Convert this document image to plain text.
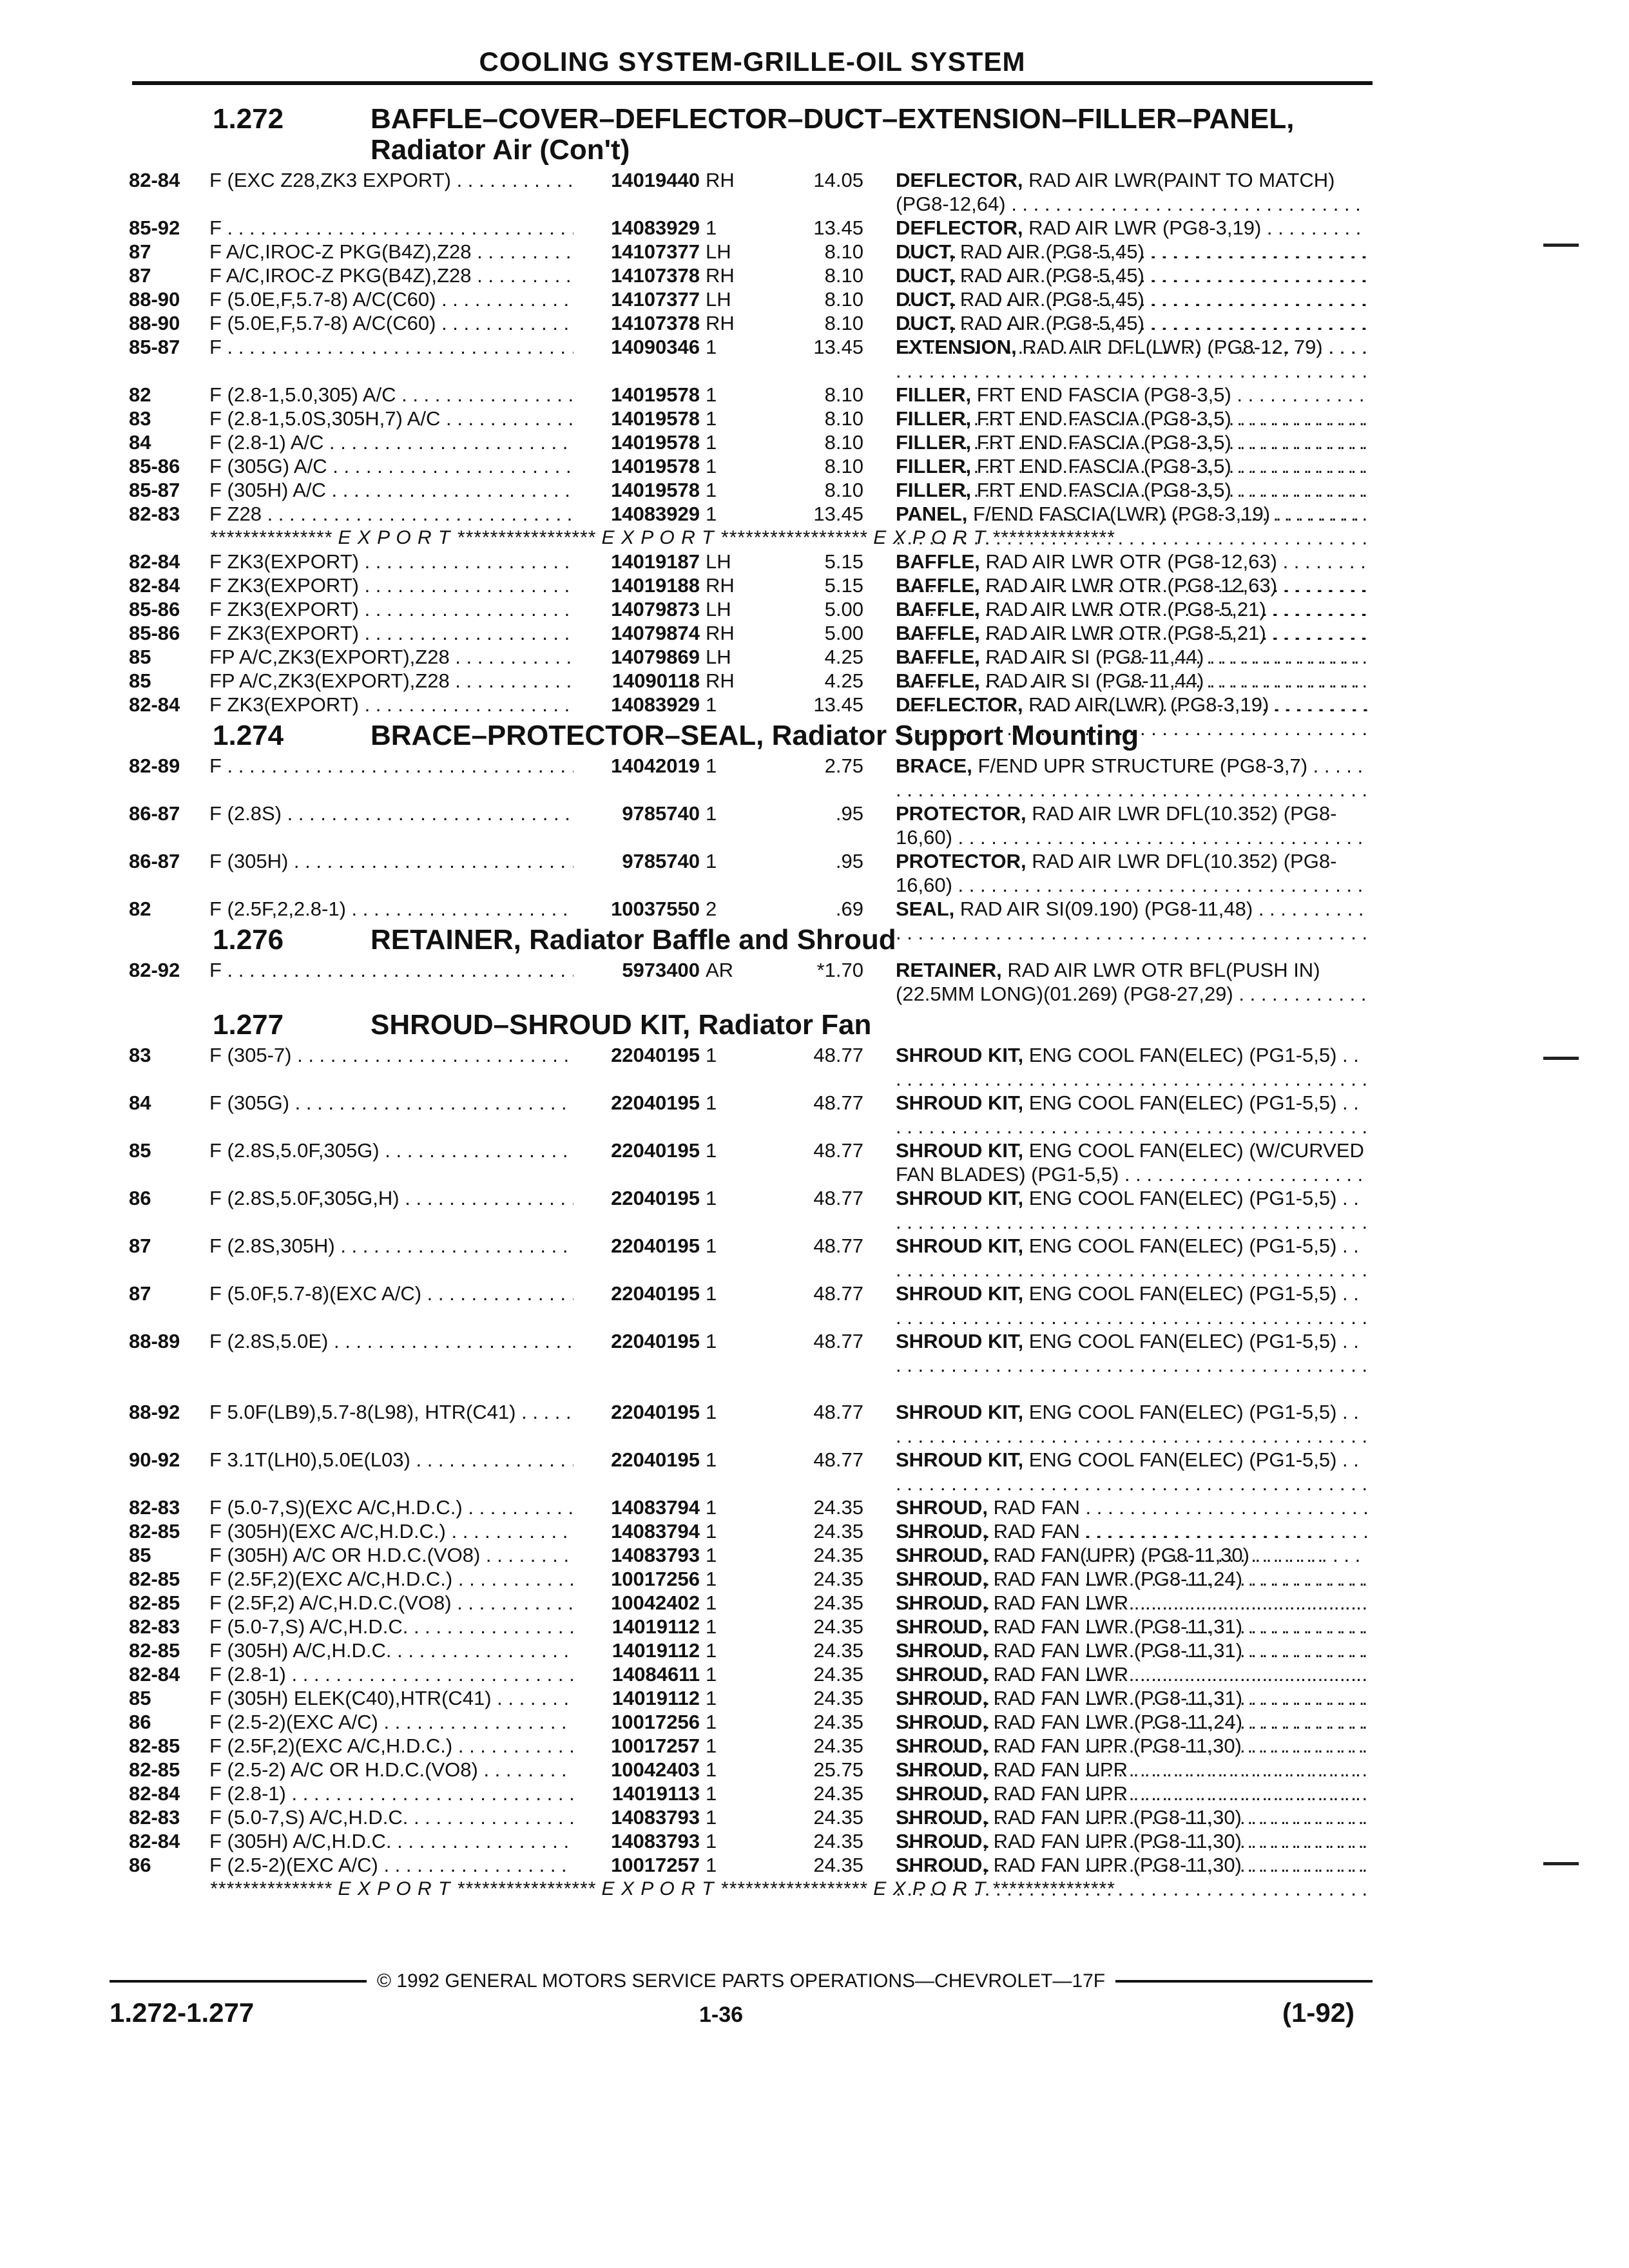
COOLING SYSTEM-GRILLE-OIL SYSTEM
1.272	BAFFLE–COVER–DEFLECTOR–DUCT–EXTENSION–FILLER–PANEL,
Radiator Air (Con't)
82-84	F (EXC Z28,ZK3 EXPORT) . . .	14019440 RH	14.05 DEFLECTOR, RAD AIR LWR(PAINT TO MATCH) (PG8-12,64) . . .
85-92	F . . .	14083929 1	13.45 DEFLECTOR, RAD AIR LWR (PG8-3,19) . . .
87	F A/C,IROC-Z PKG(B4Z),Z28 . . .	14107377 LH	8.10 DUCT, RAD AIR (PG8-5,45) . . .
87	F A/C,IROC-Z PKG(B4Z),Z28 . . .	14107378 RH	8.10 DUCT, RAD AIR (PG8-5,45) . . .
88-90	F (5.0E,F,5.7-8) A/C(C60) . . .	14107377 LH	8.10 DUCT, RAD AIR (PG8-5,45) . . .
88-90	F (5.0E,F,5.7-8) A/C(C60) . . .	14107378 RH	8.10 DUCT, RAD AIR (PG8-5,45) . . .
85-87	F . . .	14090346 1	13.45 EXTENSION, RAD AIR DFL(LWR) (PG8-12, 79) . . .
82	F (2.8-1,5.0,305) A/C . . .	14019578 1	8.10 FILLER, FRT END FASCIA (PG8-3,5) . . .
83	F (2.8-1,5.0S,305H,7) A/C . . .	14019578 1	8.10 FILLER, FRT END FASCIA (PG8-3,5) . . .
84	F (2.8-1) A/C . . .	14019578 1	8.10 FILLER, FRT END FASCIA (PG8-3,5) . . .
85-86	F (305G) A/C . . .	14019578 1	8.10 FILLER, FRT END FASCIA (PG8-3,5) . . .
85-87	F (305H) A/C . . .	14019578 1	8.10 FILLER, FRT END FASCIA (PG8-3,5) . . .
82-83	F Z28 . . .	14083929 1	13.45 PANEL, F/END FASCIA(LWR) (PG8-3,19) . . .
*************** E X P O R T ***************** E X P O R T ****************** E X P O R T ***************
82-84	F ZK3(EXPORT) . . .	14019187 LH	5.15 BAFFLE, RAD AIR LWR OTR (PG8-12,63) . . .
82-84	F ZK3(EXPORT) . . .	14019188 RH	5.15 BAFFLE, RAD AIR LWR OTR (PG8-12,63) . . .
85-86	F ZK3(EXPORT) . . .	14079873 LH	5.00 BAFFLE, RAD AIR LWR OTR (PG8-5,21) . . .
85-86	F ZK3(EXPORT) . . .	14079874 RH	5.00 BAFFLE, RAD AIR LWR OTR (PG8-5,21) . . .
85	FP A/C,ZK3(EXPORT),Z28 . . .	14079869 LH	4.25 BAFFLE, RAD AIR SI (PG8-11,44) . . .
85	FP A/C,ZK3(EXPORT),Z28 . . .	14090118 RH	4.25 BAFFLE, RAD AIR SI (PG8-11,44) . . .
82-84	F ZK3(EXPORT) . . .	14083929 1	13.45 DEFLECTOR, RAD AIR(LWR) (PG8-3,19) . . .
1.274	BRACE–PROTECTOR–SEAL, Radiator Support Mounting
82-89	F . . .	14042019 1	2.75 BRACE, F/END UPR STRUCTURE (PG8-3,7) . . .
86-87	F (2.8S) . . .	9785740 1	.95 PROTECTOR, RAD AIR LWR DFL(10.352) (PG8-16,60) . . .
86-87	F (305H) . . .	9785740 1	.95 PROTECTOR, RAD AIR LWR DFL(10.352) (PG8-16,60) . . .
82	F (2.5F,2,2.8-1) . . .	10037550 2	.69 SEAL, RAD AIR SI(09.190) (PG8-11,48) . . .
1.276	RETAINER, Radiator Baffle and Shroud
82-92	F . . .	5973400 AR	*1.70 RETAINER, RAD AIR LWR OTR BFL(PUSH IN)(22.5MM LONG)(01.269) (PG8-27,29) . . .
1.277	SHROUD–SHROUD KIT, Radiator Fan
83	F (305-7) . . .	22040195 1	48.77 SHROUD KIT, ENG COOL FAN(ELEC) (PG1-5,5) . . .
84	F (305G) . . .	22040195 1	48.77 SHROUD KIT, ENG COOL FAN(ELEC) (PG1-5,5) . . .
85	F (2.8S,5.0F,305G) . . .	22040195 1	48.77 SHROUD KIT, ENG COOL FAN(ELEC) (W/CURVED FAN BLADES) (PG1-5,5) . . .
86	F (2.8S,5.0F,305G,H) . . .	22040195 1	48.77 SHROUD KIT, ENG COOL FAN(ELEC) (PG1-5,5) . . .
87	F (2.8S,305H) . . .	22040195 1	48.77 SHROUD KIT, ENG COOL FAN(ELEC) (PG1-5,5) . . .
87	F (5.0F,5.7-8)(EXC A/C) . . .	22040195 1	48.77 SHROUD KIT, ENG COOL FAN(ELEC) (PG1-5,5) . . .
88-89	F (2.8S,5.0E) . . .	22040195 1	48.77 SHROUD KIT, ENG COOL FAN(ELEC) (PG1-5,5) . . .
88-92	F 5.0F(LB9),5.7-8(L98), HTR(C41) . . .	22040195 1	48.77 SHROUD KIT, ENG COOL FAN(ELEC) (PG1-5,5) . . .
90-92	F 3.1T(LH0),5.0E(L03) . . .	22040195 1	48.77 SHROUD KIT, ENG COOL FAN(ELEC) (PG1-5,5) . . .
82-83	F (5.0-7,S)(EXC A/C,H.D.C.) . . .	14083794 1	24.35 SHROUD, RAD FAN . . .
82-85	F (305H)(EXC A/C,H.D.C.) . . .	14083794 1	24.35 SHROUD, RAD FAN . . .
85	F (305H) A/C OR H.D.C.(VO8) . . .	14083793 1	24.35 SHROUD, RAD FAN(UPR) (PG8-11,30) . . .
82-85	F (2.5F,2)(EXC A/C,H.D.C.) . . .	10017256 1	24.35 SHROUD, RAD FAN LWR (PG8-11,24) . . .
82-85	F (2.5F,2) A/C,H.D.C.(VO8) . . .	10042402 1	24.35 SHROUD, RAD FAN LWR . . .
82-83	F (5.0-7,S) A/C,H.D.C. . . .	14019112 1	24.35 SHROUD, RAD FAN LWR (PG8-11,31) . . .
82-85	F (305H) A/C,H.D.C. . . .	14019112 1	24.35 SHROUD, RAD FAN LWR (PG8-11,31) . . .
82-84	F (2.8-1) . . .	14084611 1	24.35 SHROUD, RAD FAN LWR . . .
85	F (305H) ELEK(C40),HTR(C41) . . .	14019112 1	24.35 SHROUD, RAD FAN LWR (PG8-11,31) . . .
86	F (2.5-2)(EXC A/C) . . .	10017256 1	24.35 SHROUD, RAD FAN LWR (PG8-11,24) . . .
82-85	F (2.5F,2)(EXC A/C,H.D.C.) . . .	10017257 1	24.35 SHROUD, RAD FAN UPR (PG8-11,30) . . .
82-85	F (2.5-2) A/C OR H.D.C.(VO8) . . .	10042403 1	25.75 SHROUD, RAD FAN UPR . . .
82-84	F (2.8-1) . . .	14019113 1	24.35 SHROUD, RAD FAN UPR . . .
82-83	F (5.0-7,S) A/C,H.D.C. . . .	14083793 1	24.35 SHROUD, RAD FAN UPR (PG8-11,30) . . .
82-84	F (305H) A/C,H.D.C. . . .	14083793 1	24.35 SHROUD, RAD FAN UPR (PG8-11,30) . . .
86	F (2.5-2)(EXC A/C) . . .	10017257 1	24.35 SHROUD, RAD FAN UPR (PG8-11,30) . . .
*************** E X P O R T ***************** E X P O R T ****************** E X P O R T ***************
© 1992 GENERAL MOTORS SERVICE PARTS OPERATIONS—CHEVROLET—17F
1.272-1.277	1-36	(1-92)
